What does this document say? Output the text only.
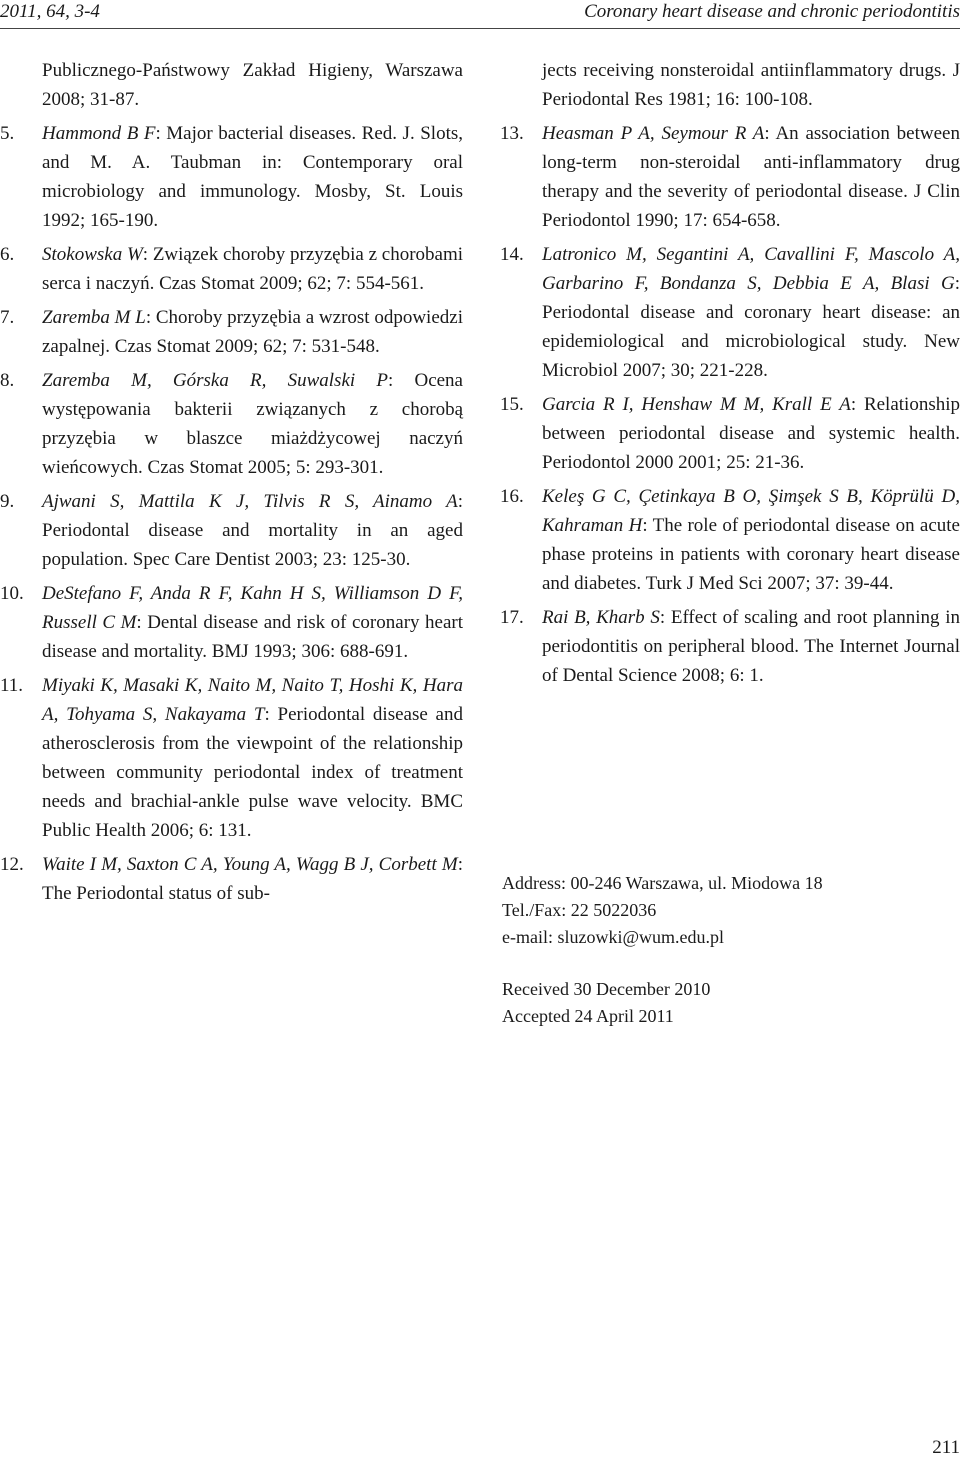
2011, 64, 3-4	Coronary heart disease and chronic periodontitis
Publicznego-Państwowy Zakład Higieny, Warszawa 2008; 31-87.
5. Hammond B F: Major bacterial diseases. Red. J. Slots, and M. A. Taubman in: Contemporary oral microbiology and immunology. Mosby, St. Louis 1992; 165-190.
6. Stokowska W: Związek choroby przyzębia z chorobami serca i naczyń. Czas Stomat 2009; 62; 7: 554-561.
7. Zaremba M L: Choroby przyzębia a wzrost odpowiedzi zapalnej. Czas Stomat 2009; 62; 7: 531-548.
8. Zaremba M, Górska R, Suwalski P: Ocena występowania bakterii związanych z chorobą przyzębia w blaszce miażdżycowej naczyń wieńcowych. Czas Stomat 2005; 5: 293-301.
9. Ajwani S, Mattila K J, Tilvis R S, Ainamo A: Periodontal disease and mortality in an aged population. Spec Care Dentist 2003; 23: 125-30.
10. DeStefano F, Anda R F, Kahn H S, Williamson D F, Russell C M: Dental disease and risk of coronary heart disease and mortality. BMJ 1993; 306: 688-691.
11. Miyaki K, Masaki K, Naito M, Naito T, Hoshi K, Hara A, Tohyama S, Nakayama T: Periodontal disease and atherosclerosis from the viewpoint of the relationship between community periodontal index of treatment needs and brachial-ankle pulse wave velocity. BMC Public Health 2006; 6: 131.
12. Waite I M, Saxton C A, Young A, Wagg B J, Corbett M: The Periodontal status of sub-
jects receiving nonsteroidal antiinflammatory drugs. J Periodontal Res 1981; 16: 100-108.
13. Heasman P A, Seymour R A: An association between long-term non-steroidal anti-inflammatory drug therapy and the severity of periodontal disease. J Clin Periodontol 1990; 17: 654-658.
14. Latronico M, Segantini A, Cavallini F, Mascolo A, Garbarino F, Bondanza S, Debbia E A, Blasi G: Periodontal disease and coronary heart disease: an epidemiological and microbiological study. New Microbiol 2007; 30; 221-228.
15. Garcia R I, Henshaw M M, Krall E A: Relationship between periodontal disease and systemic health. Periodontol 2000 2001; 25: 21-36.
16. Keleş G C, Çetinkaya B O, Şimşek S B, Köprülü D, Kahraman H: The role of periodontal disease on acute phase proteins in patients with coronary heart disease and diabetes. Turk J Med Sci 2007; 37: 39-44.
17. Rai B, Kharb S: Effect of scaling and root planning in periodontitis on peripheral blood. The Internet Journal of Dental Science 2008; 6: 1.
Address: 00-246 Warszawa, ul. Miodowa 18
Tel./Fax: 22 5022036
e-mail: sluzowki@wum.edu.pl
Received 30 December 2010
Accepted 24 April 2011
211
